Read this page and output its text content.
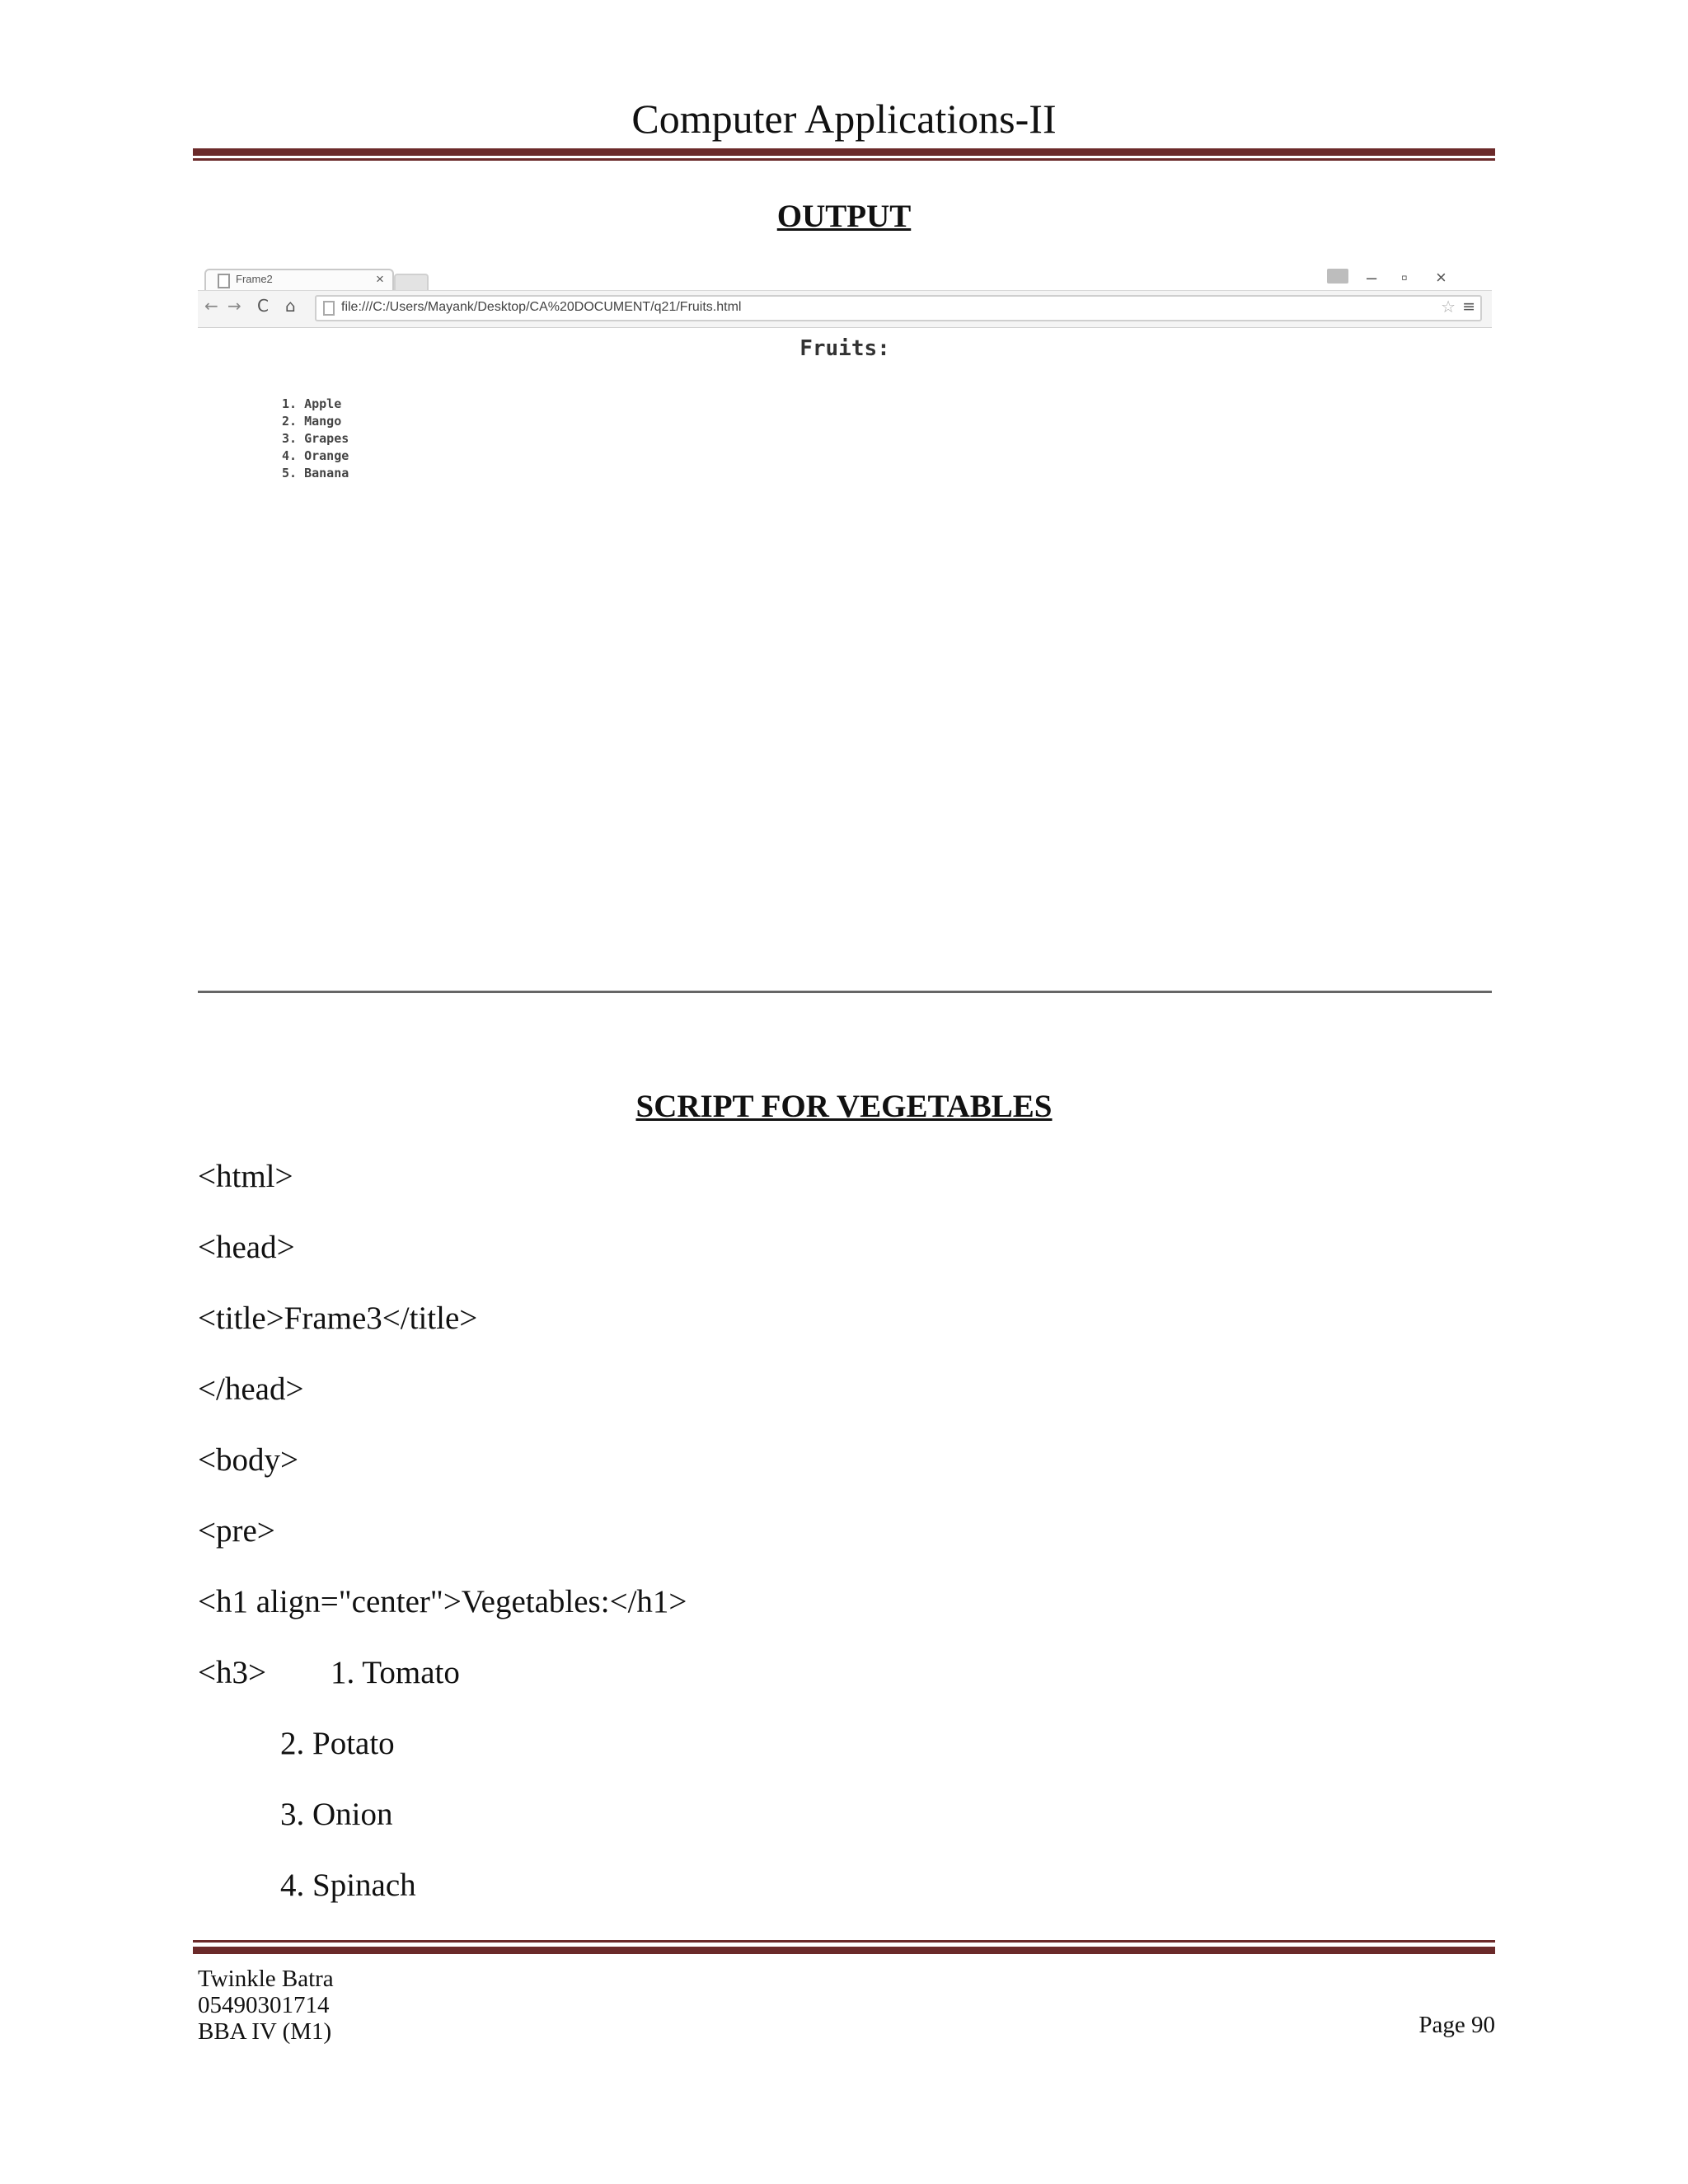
Computer Applications-II
OUTPUT
Frame2	×	– ▫ ×
← → C ⌂	file:///C:/Users/Mayank/Desktop/CA%20DOCUMENT/q21/Fruits.html	☆ ≡
Fruits:
1. Apple
2. Mango
3. Grapes
4. Orange
5. Banana
SCRIPT FOR VEGETABLES
<html>
<head>
<title>Frame3</title>
</head>
<body>
<pre>
<h1 align="center">Vegetables:</h1>
<h3>        1. Tomato
2. Potato
3. Onion
4. Spinach
Twinkle Batra
05490301714
BBA IV (M1)	Page 90
